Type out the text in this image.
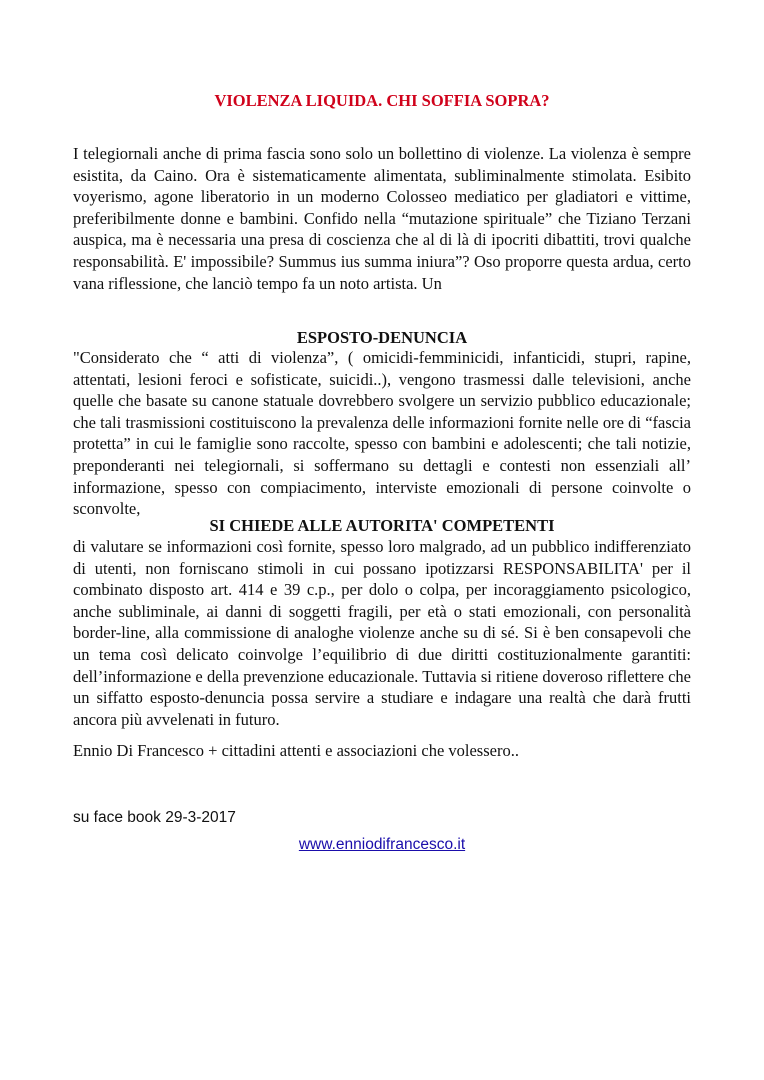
VIOLENZA LIQUIDA. CHI SOFFIA SOPRA?

I telegiornali anche di prima fascia sono solo un bollettino di violenze. La violenza è sempre esistita, da Caino. Ora è sistematicamente alimentata, subliminalmente stimolata. Esibito voyerismo, agone liberatorio in un moderno Colosseo mediatico per gladiatori e vittime, preferibilmente donne e bambini. Confido nella “mutazione spirituale” che Tiziano Terzani auspica, ma è necessaria una presa di coscienza che al di là di ipocriti dibattiti, trovi qualche responsabilità. E' impossibile? Summus ius summa iniura”? Oso proporre questa ardua, certo vana riflessione, che lanciò tempo fa un noto artista. Un

ESPOSTO-DENUNCIA

"Considerato che “ atti di violenza”, ( omicidi-femminicidi, infanticidi, stupri, rapine, attentati, lesioni feroci e sofisticate, suicidi..), vengono trasmessi dalle televisioni, anche quelle che basate su canone statuale dovrebbero svolgere un servizio pubblico educazionale; che tali trasmissioni costituiscono la prevalenza delle informazioni fornite nelle ore di “fascia protetta” in cui le famiglie sono raccolte, spesso con bambini e adolescenti; che tali notizie, preponderanti nei telegiornali, si soffermano su dettagli e contesti non essenziali all’ informazione, spesso con compiacimento, interviste emozionali di persone coinvolte o sconvolte,

SI CHIEDE ALLE AUTORITA' COMPETENTI

di valutare se informazioni così fornite, spesso loro malgrado, ad un pubblico indifferenziato di utenti, non forniscano stimoli in cui possano ipotizzarsi RESPONSABILITA' per il combinato disposto art. 414 e 39 c.p., per dolo o colpa, per incoraggiamento psicologico, anche subliminale, ai danni di soggetti fragili, per età o stati emozionali, con personalità border-line, alla commissione di analoghe violenze anche su di sé. Si è ben consapevoli che un tema così delicato coinvolge l’equilibrio di due diritti costituzionalmente garantiti: dell’informazione e della prevenzione educazionale. Tuttavia si ritiene doveroso riflettere che un siffatto esposto-denuncia possa servire a studiare e indagare una realtà che darà frutti ancora più avvelenati in futuro.

Ennio Di Francesco + cittadini attenti e associazioni che volessero..

su face book 29-3-2017

www.enniodifrancesco.it
